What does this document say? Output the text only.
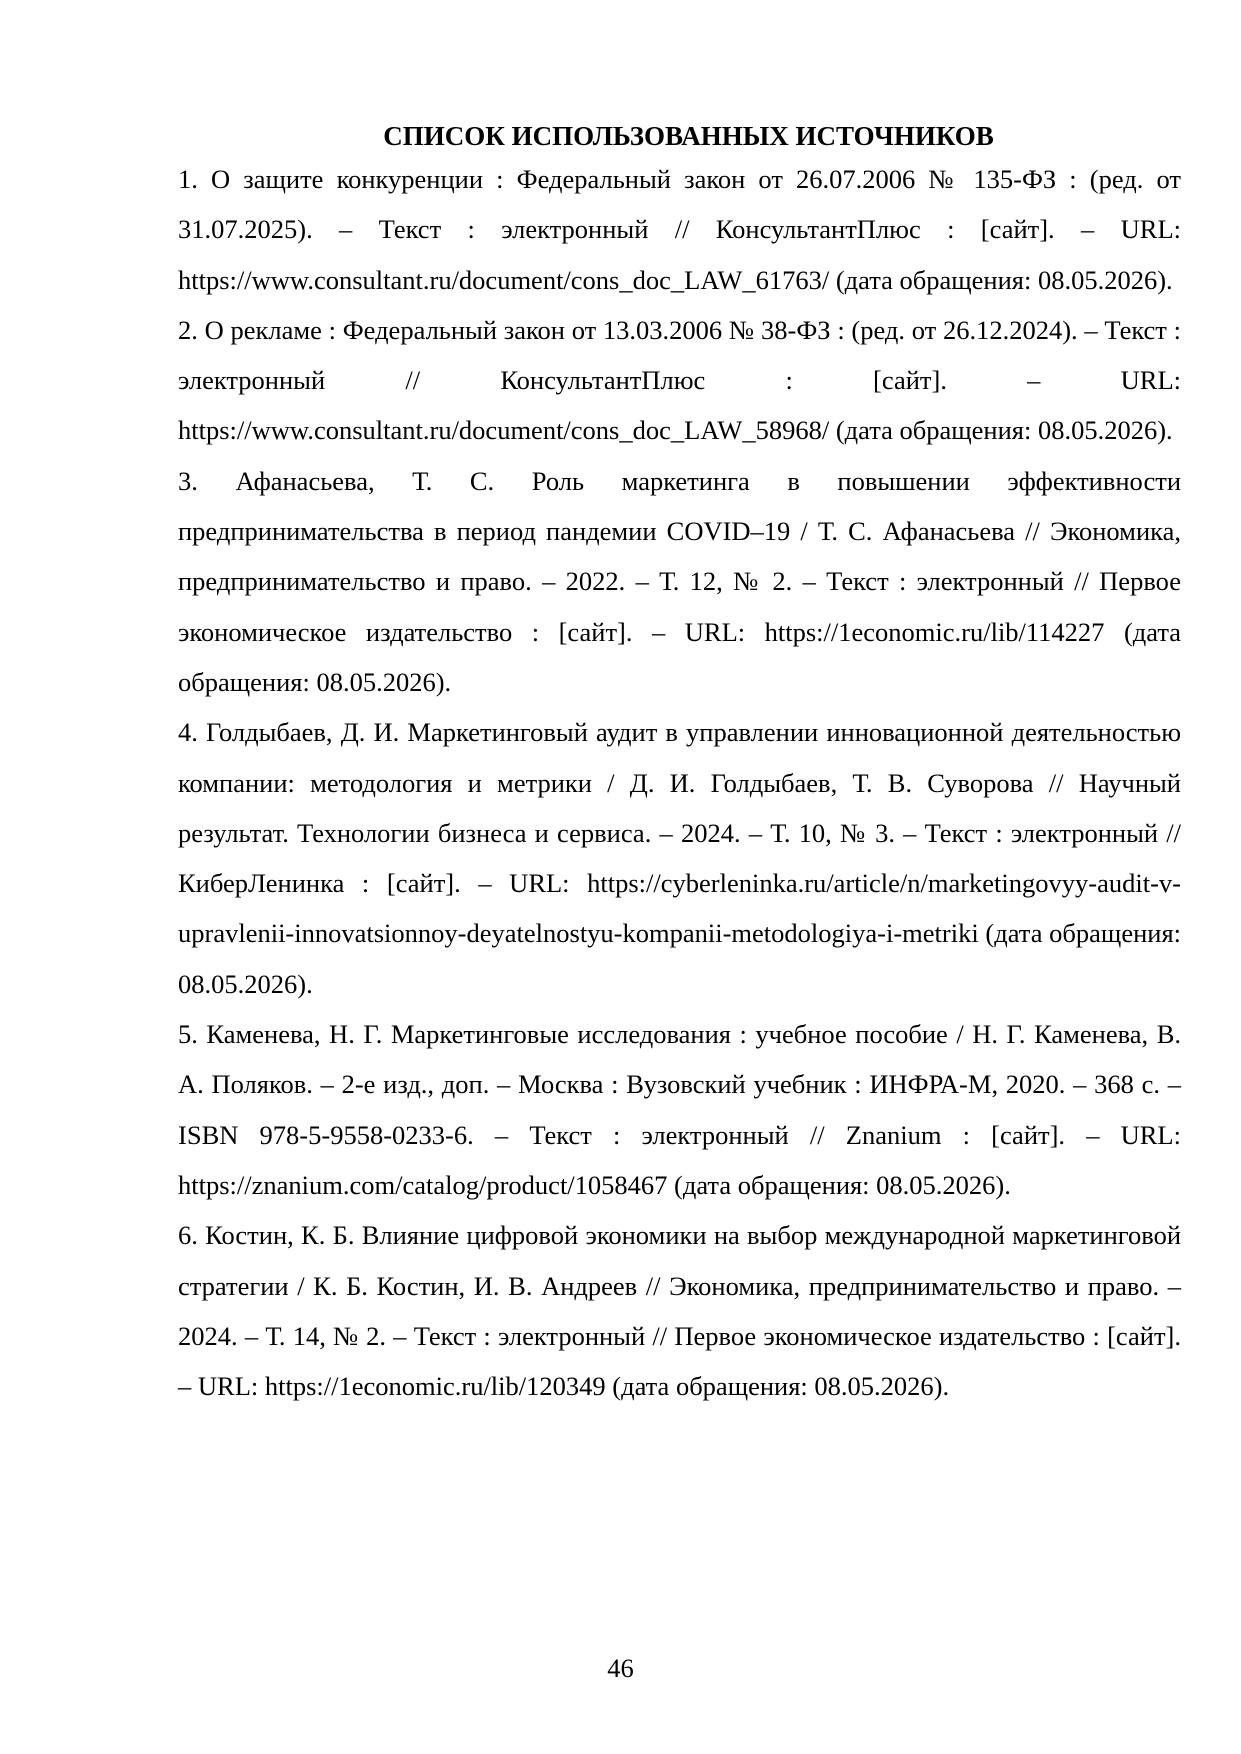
СПИСОК ИСПОЛЬЗОВАННЫХ ИСТОЧНИКОВ
1. О защите конкуренции : Федеральный закон от 26.07.2006 № 135-ФЗ : (ред. от 31.07.2025). – Текст : электронный // КонсультантПлюс : [сайт]. – URL: https://www.consultant.ru/document/cons_doc_LAW_61763/ (дата обращения: 08.05.2026).
2. О рекламе : Федеральный закон от 13.03.2006 № 38-ФЗ : (ред. от 26.12.2024). – Текст : электронный // КонсультантПлюс : [сайт]. – URL: https://www.consultant.ru/document/cons_doc_LAW_58968/ (дата обращения: 08.05.2026).
3. Афанасьева, Т. С. Роль маркетинга в повышении эффективности предпринимательства в период пандемии COVID–19 / Т. С. Афанасьева // Экономика, предпринимательство и право. – 2022. – Т. 12, № 2. – Текст : электронный // Первое экономическое издательство : [сайт]. – URL: https://1economic.ru/lib/114227 (дата обращения: 08.05.2026).
4. Голдыбаев, Д. И. Маркетинговый аудит в управлении инновационной деятельностью компании: методология и метрики / Д. И. Голдыбаев, Т. В. Суворова // Научный результат. Технологии бизнеса и сервиса. – 2024. – Т. 10, № 3. – Текст : электронный // КиберЛенинка : [сайт]. – URL: https://cyberleninka.ru/article/n/marketingovyy-audit-v-upravlenii-innovatsionnoy-deyatelnostyu-kompanii-metodologiya-i-metriki (дата обращения: 08.05.2026).
5. Каменева, Н. Г. Маркетинговые исследования : учебное пособие / Н. Г. Каменева, В. А. Поляков. – 2-е изд., доп. – Москва : Вузовский учебник : ИНФРА-М, 2020. – 368 с. – ISBN 978-5-9558-0233-6. – Текст : электронный // Znanium : [сайт]. – URL: https://znanium.com/catalog/product/1058467 (дата обращения: 08.05.2026).
6. Костин, К. Б. Влияние цифровой экономики на выбор международной маркетинговой стратегии / К. Б. Костин, И. В. Андреев // Экономика, предпринимательство и право. – 2024. – Т. 14, № 2. – Текст : электронный // Первое экономическое издательство : [сайт]. – URL: https://1economic.ru/lib/120349 (дата обращения: 08.05.2026).
46
